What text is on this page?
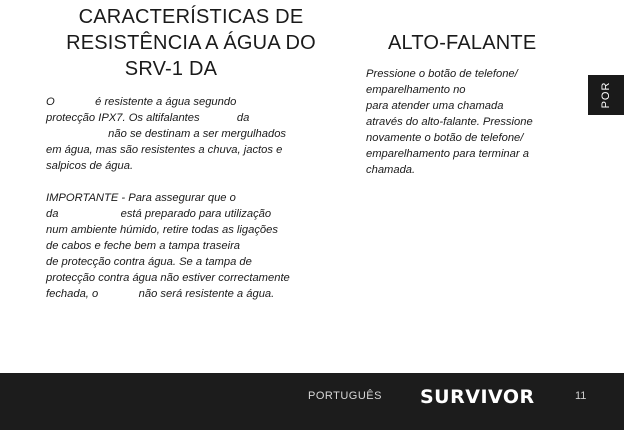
CARACTERÍSTICAS DE
RESISTÊNCIA A ÁGUA DO
SRV-1 DA
O             é resistente a água segundo
protecção IPX7. Os altifalantes            da
não se destinam a ser mergulhados
em água, mas são resistentes a chuva, jactos e
salpicos de água.
IMPORTANTE - Para assegurar que o
da                    está preparado para utilização
num ambiente húmido, retire todas as ligações
de cabos e feche bem a tampa traseira
de protecção contra água. Se a tampa de
protecção contra água não estiver correctamente
fechada, o             não será resistente a água.
ALTO-FALANTE
Pressione o botão de telefone/
emparelhamento no
para atender uma chamada
através do alto-falante. Pressione
novamente o botão de telefone/
emparelhamento para terminar a
chamada.
POR
PORTUGUÊS SURVIVOR	11
